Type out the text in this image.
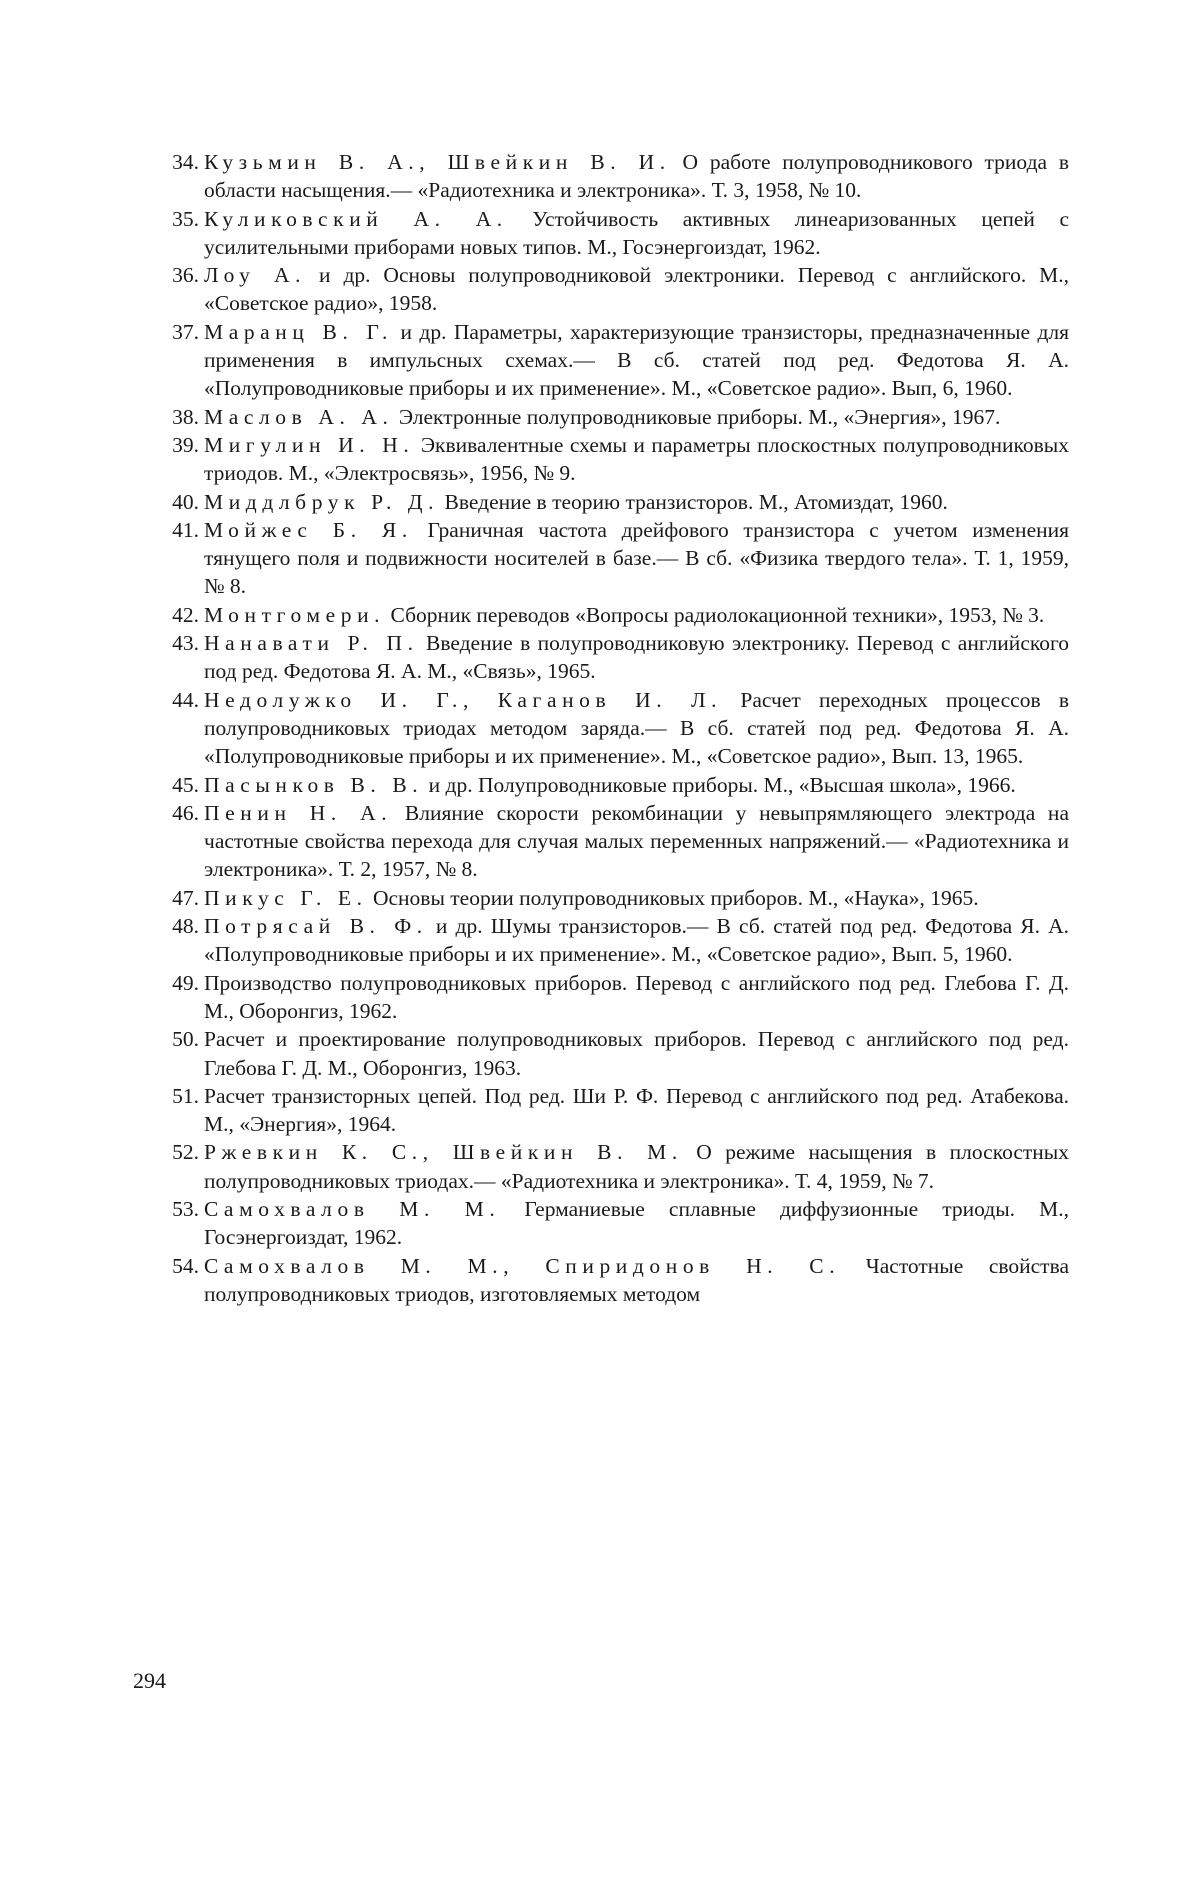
34. Кузьмин В. А., Швейкин В. И. О работе полупроводникового триода в области насыщения.— «Радиотехника и электроника». Т. 3, 1958, № 10.
35. Куликовский А. А. Устойчивость активных линеаризованных цепей с усилительными приборами новых типов. М., Госэнергоиздат, 1962.
36. Лоу А. и др. Основы полупроводниковой электроники. Перевод с английского. М., «Советское радио», 1958.
37. Маранц В. Г. и др. Параметры, характеризующие транзисторы, предназначенные для применения в импульсных схемах.— В сб. статей под ред. Федотова Я. А. «Полупроводниковые приборы и их применение». М., «Советское радио». Вып, 6, 1960.
38. Маслов А. А. Электронные полупроводниковые приборы. М., «Энергия», 1967.
39. Мигулин И. Н. Эквивалентные схемы и параметры плоскостных полупроводниковых триодов. М., «Электросвязь», 1956, № 9.
40. Миддлбрук Р. Д. Введение в теорию транзисторов. М., Атомиздат, 1960.
41. Мойжес Б. Я. Граничная частота дрейфового транзистора с учетом изменения тянущего поля и подвижности носителей в базе.— В сб. «Физика твердого тела». Т. 1, 1959, № 8.
42. Монтгомери. Сборник переводов «Вопросы радиолокационной техники», 1953, № 3.
43. Нанавати Р. П. Введение в полупроводниковую электронику. Перевод с английского под ред. Федотова Я. А. М., «Связь», 1965.
44. Недолужко И. Г., Каганов И. Л. Расчет переходных процессов в полупроводниковых триодах методом заряда.— В сб. статей под ред. Федотова Я. А. «Полупроводниковые приборы и их применение». М., «Советское радио», Вып. 13, 1965.
45. Пасынков В. В. и др. Полупроводниковые приборы. М., «Высшая школа», 1966.
46. Пенин Н. А. Влияние скорости рекомбинации у невыпрямляющего электрода на частотные свойства перехода для случая малых переменных напряжений.— «Радиотехника и электроника». Т. 2, 1957, № 8.
47. Пикус Г. Е. Основы теории полупроводниковых приборов. М., «Наука», 1965.
48. Потрясай В. Ф. и др. Шумы транзисторов.— В сб. статей под ред. Федотова Я. А. «Полупроводниковые приборы и их применение». М., «Советское радио», Вып. 5, 1960.
49. Производство полупроводниковых приборов. Перевод с английского под ред. Глебова Г. Д. М., Оборонгиз, 1962.
50. Расчет и проектирование полупроводниковых приборов. Перевод с английского под ред. Глебова Г. Д. М., Оборонгиз, 1963.
51. Расчет транзисторных цепей. Под ред. Ши Р. Ф. Перевод с английского под ред. Атабекова. М., «Энергия», 1964.
52. Ржевкин К. С., Швейкин В. М. О режиме насыщения в плоскостных полупроводниковых триодах.— «Радиотехника и электроника». Т. 4, 1959, № 7.
53. Самохвалов М. М. Германиевые сплавные диффузионные триоды. М., Госэнергоиздат, 1962.
54. Самохвалов М. М., Спиридонов Н. С. Частотные свойства полупроводниковых триодов, изготовляемых методом

294
